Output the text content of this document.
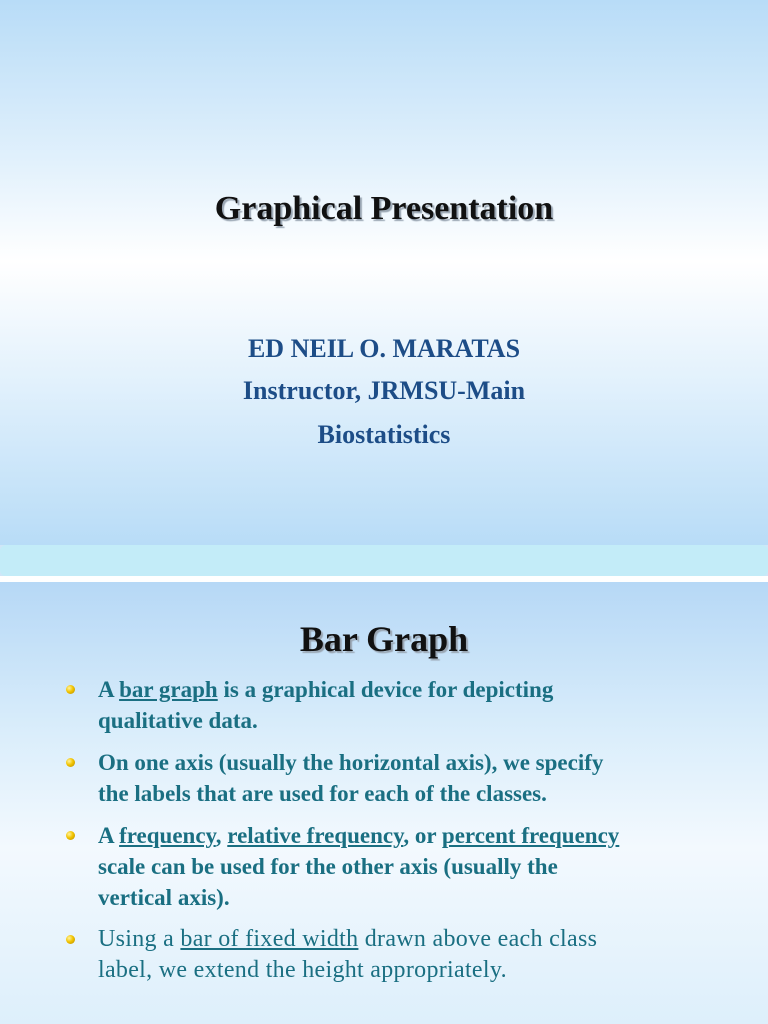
Graphical Presentation
ED NEIL O. MARATAS
Instructor, JRMSU-Main
Biostatistics
Bar Graph
A bar graph is a graphical device for depicting
qualitative data.
On one axis (usually the horizontal axis), we specify
the labels that are used for each of the classes.
A frequency, relative frequency, or percent frequency
scale can be used for the other axis (usually the
vertical axis).
Using a bar of fixed width drawn above each class
label, we extend the height appropriately.
